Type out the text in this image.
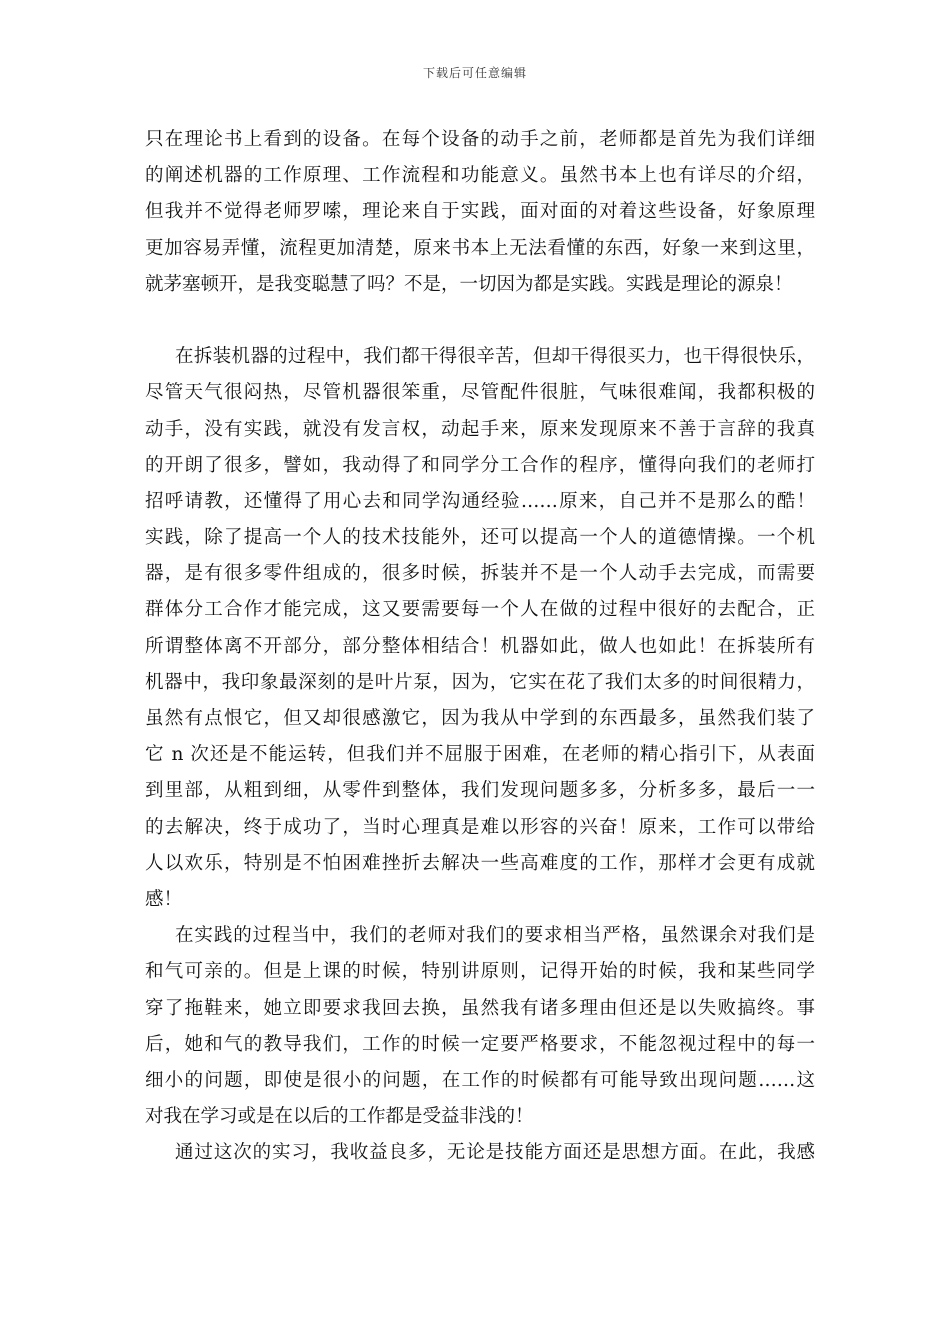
下载后可任意编辑
只在理论书上看到的设备。在每个设备的动手之前，老师都是首先为我们详细
的阐述机器的工作原理、工作流程和功能意义。虽然书本上也有详尽的介绍，
但我并不觉得老师罗嗦，理论来自于实践，面对面的对着这些设备，好象原理
更加容易弄懂，流程更加清楚，原来书本上无法看懂的东西，好象一来到这里，
就茅塞顿开，是我变聪慧了吗？不是，一切因为都是实践。实践是理论的源泉！
在拆装机器的过程中，我们都干得很辛苦，但却干得很买力，也干得很快乐，
尽管天气很闷热，尽管机器很笨重，尽管配件很脏，气味很难闻，我都积极的
动手，没有实践，就没有发言权，动起手来，原来发现原来不善于言辞的我真
的开朗了很多，譬如，我动得了和同学分工合作的程序，懂得向我们的老师打
招呼请教，还懂得了用心去和同学沟通经验……原来，自己并不是那么的酷！
实践，除了提高一个人的技术技能外，还可以提高一个人的道德情操。一个机
器，是有很多零件组成的，很多时候，拆装并不是一个人动手去完成，而需要
群体分工合作才能完成，这又要需要每一个人在做的过程中很好的去配合，正
所谓整体离不开部分，部分整体相结合！机器如此，做人也如此！在拆装所有
机器中，我印象最深刻的是叶片泵，因为，它实在花了我们太多的时间很精力，
虽然有点恨它，但又却很感激它，因为我从中学到的东西最多，虽然我们装了
它 n 次还是不能运转，但我们并不屈服于困难，在老师的精心指引下，从表面
到里部，从粗到细，从零件到整体，我们发现问题多多，分析多多，最后一一
的去解决，终于成功了，当时心理真是难以形容的兴奋！原来，工作可以带给
人以欢乐，特别是不怕困难挫折去解决一些高难度的工作，那样才会更有成就
感！
在实践的过程当中，我们的老师对我们的要求相当严格，虽然课余对我们是
和气可亲的。但是上课的时候，特别讲原则，记得开始的时候，我和某些同学
穿了拖鞋来，她立即要求我回去换，虽然我有诸多理由但还是以失败搞终。事
后，她和气的教导我们，工作的时候一定要严格要求，不能忽视过程中的每一
细小的问题，即使是很小的问题，在工作的时候都有可能导致出现问题……这
对我在学习或是在以后的工作都是受益非浅的！
通过这次的实习，我收益良多，无论是技能方面还是思想方面。在此，我感
